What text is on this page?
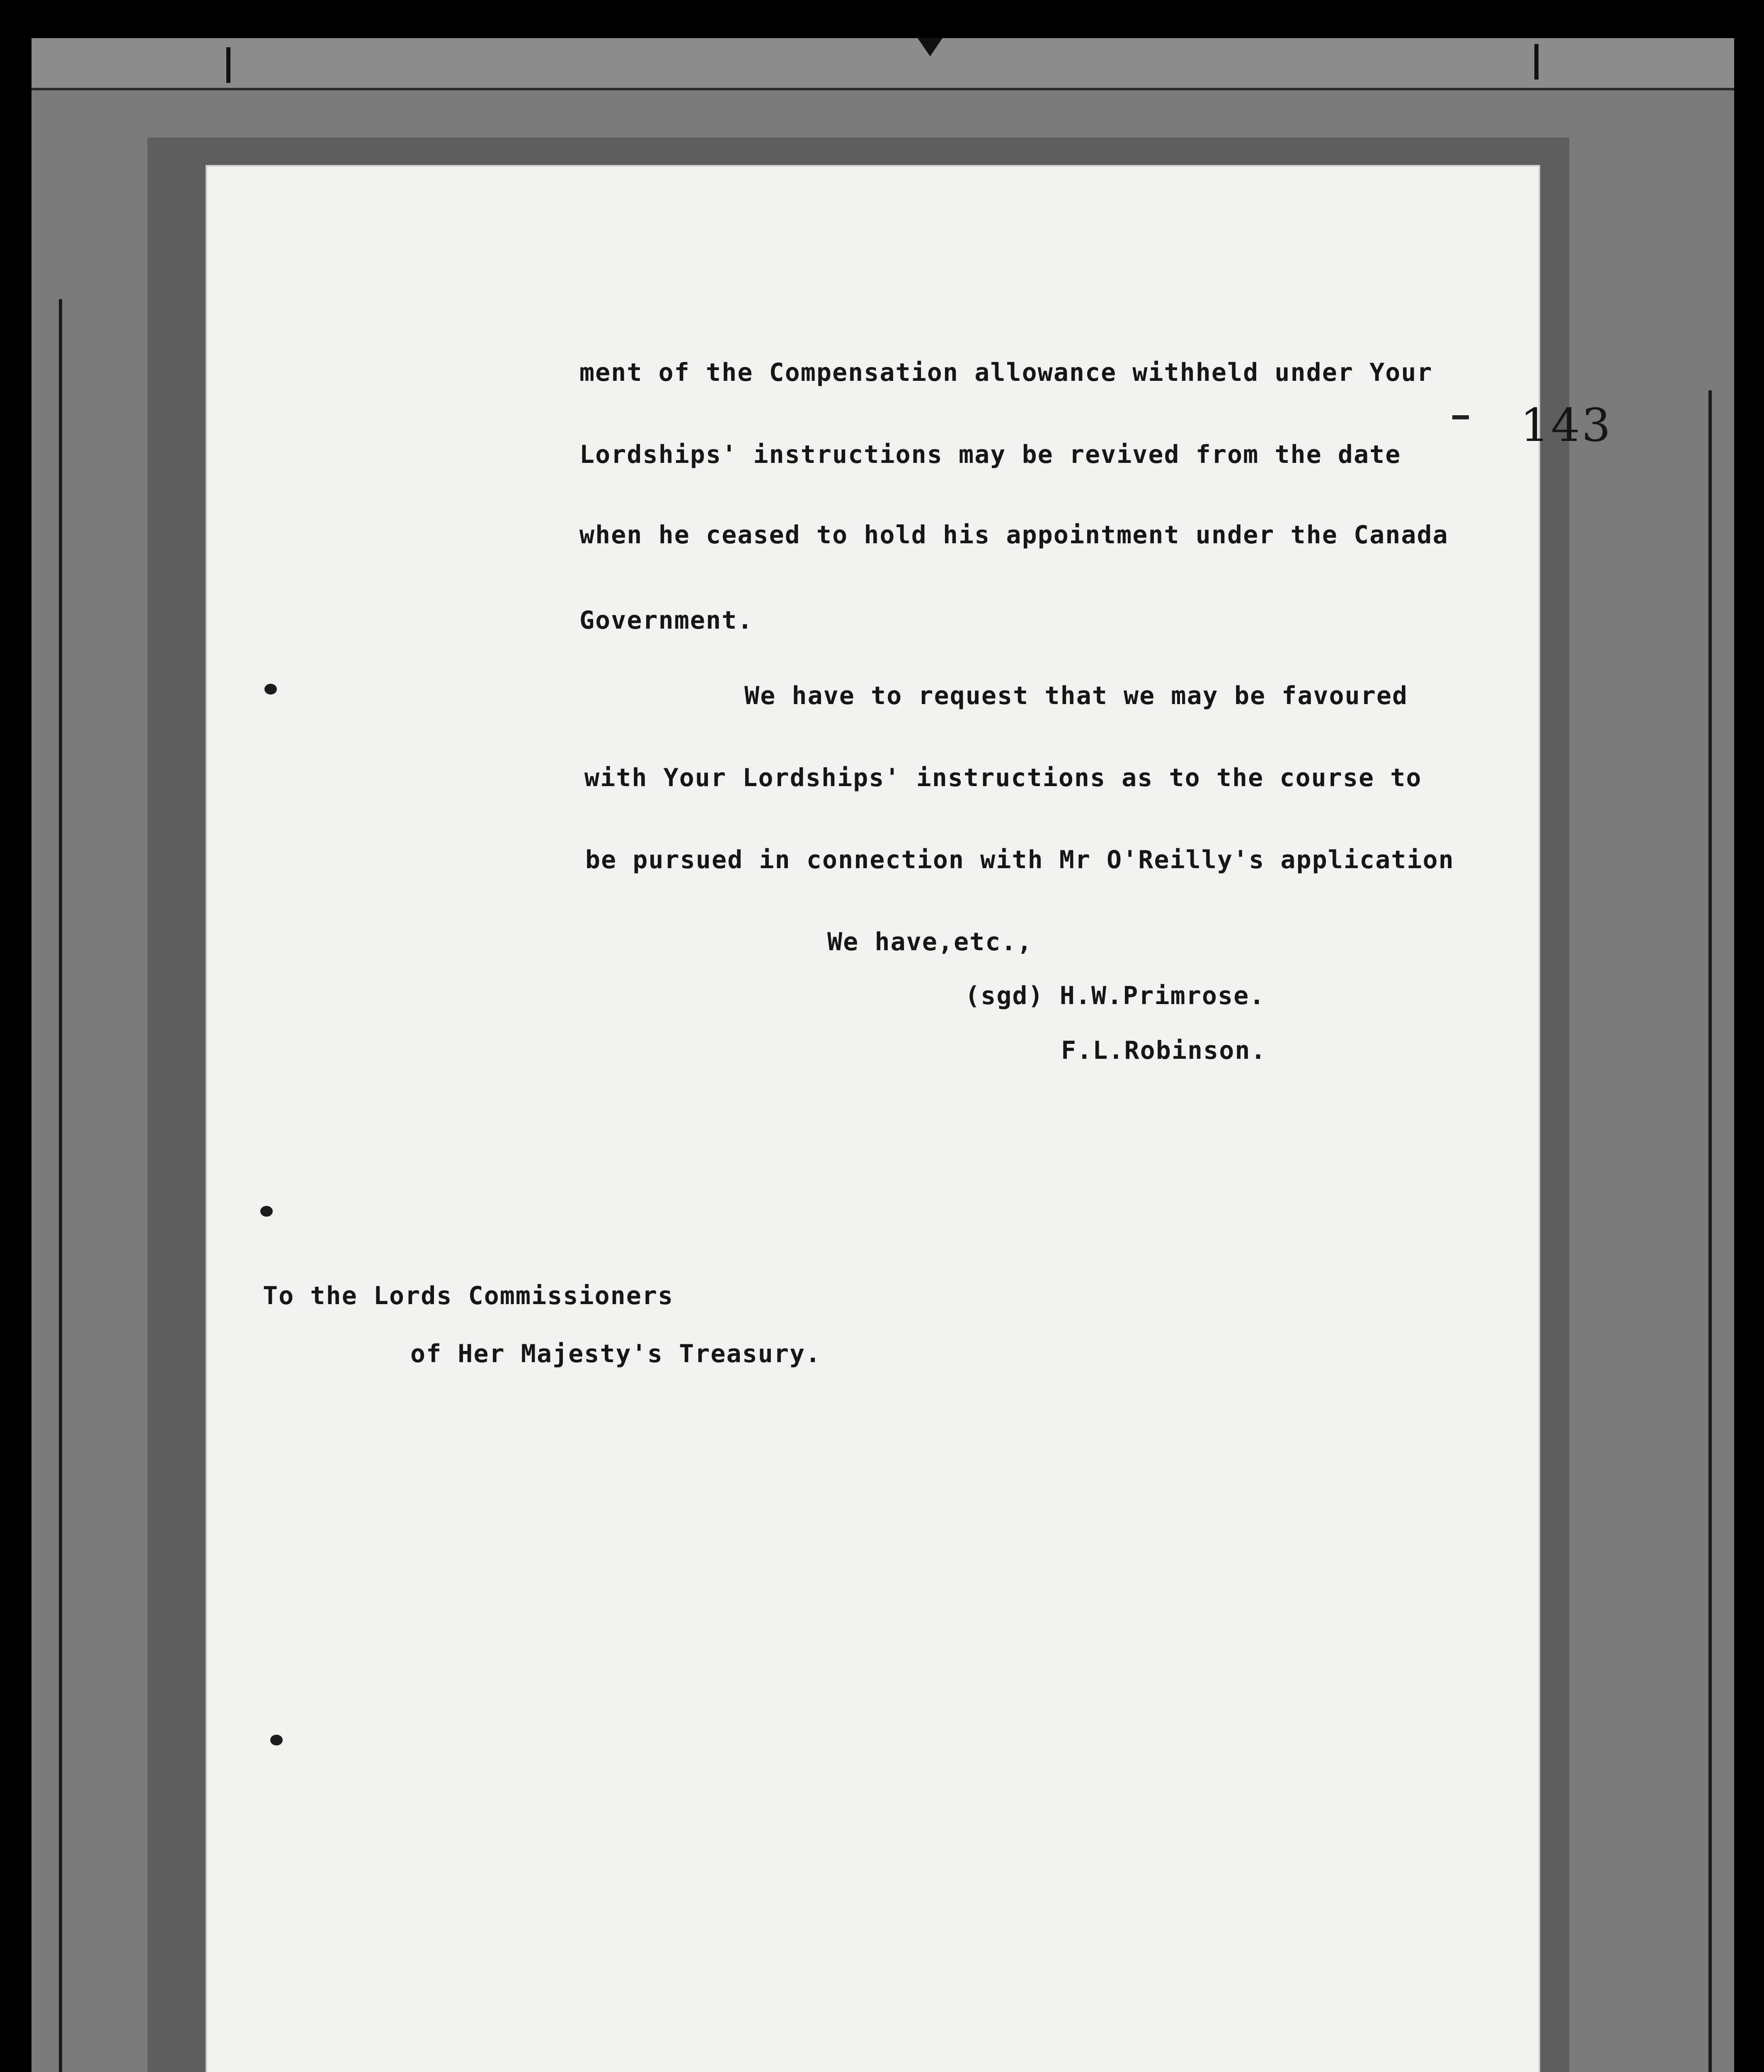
143
ment of the Compensation allowance withheld under Your
Lordships' instructions may be revived from the date
when he ceased to hold his appointment under the Canada
Government.
We have to request that we may be favoured
with Your Lordships' instructions as to the course to
be pursued in connection with Mr O'Reilly's application
We have,etc.,
(sgd) H.W.Primrose.
F.L.Robinson.
To the Lords Commissioners
of Her Majesty's Treasury.
